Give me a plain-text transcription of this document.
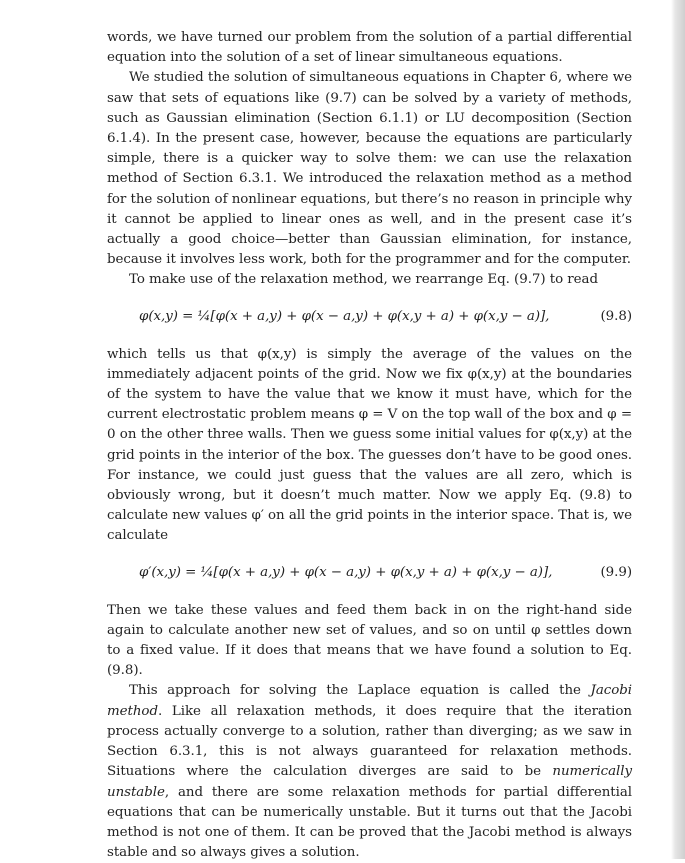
words, we have turned our problem from the solution of a partial differential equation into the solution of a set of linear simultaneous equations.

We studied the solution of simultaneous equations in Chapter 6, where we saw that sets of equations like (9.7) can be solved by a variety of methods, such as Gaussian elimination (Section 6.1.1) or LU decomposition (Section 6.1.4). In the present case, however, because the equations are particularly simple, there is a quicker way to solve them: we can use the relaxation method of Section 6.3.1. We introduced the relaxation method as a method for the solution of nonlinear equations, but there’s no reason in principle why it cannot be applied to linear ones as well, and in the present case it’s actually a good choice—better than Gaussian elimination, for instance, because it involves less work, both for the programmer and for the computer.

To make use of the relaxation method, we rearrange Eq. (9.7) to read

φ(x,y) = ¼[φ(x + a,y) + φ(x − a,y) + φ(x,y + a) + φ(x,y − a)],	(9.8)

which tells us that φ(x,y) is simply the average of the values on the immediately adjacent points of the grid. Now we fix φ(x,y) at the boundaries of the system to have the value that we know it must have, which for the current electrostatic problem means φ = V on the top wall of the box and φ = 0 on the other three walls. Then we guess some initial values for φ(x,y) at the grid points in the interior of the box. The guesses don’t have to be good ones. For instance, we could just guess that the values are all zero, which is obviously wrong, but it doesn’t much matter. Now we apply Eq. (9.8) to calculate new values φ′ on all the grid points in the interior space. That is, we calculate

φ′(x,y) = ¼[φ(x + a,y) + φ(x − a,y) + φ(x,y + a) + φ(x,y − a)],	(9.9)

Then we take these values and feed them back in on the right-hand side again to calculate another new set of values, and so on until φ settles down to a fixed value. If it does that means that we have found a solution to Eq. (9.8).

This approach for solving the Laplace equation is called the Jacobi method. Like all relaxation methods, it does require that the iteration process actually converge to a solution, rather than diverging; as we saw in Section 6.3.1, this is not always guaranteed for relaxation methods. Situations where the calculation diverges are said to be numerically unstable, and there are some relaxation methods for partial differential equations that can be numerically unstable. But it turns out that the Jacobi method is not one of them. It can be proved that the Jacobi method is always stable and so always gives a solution.
